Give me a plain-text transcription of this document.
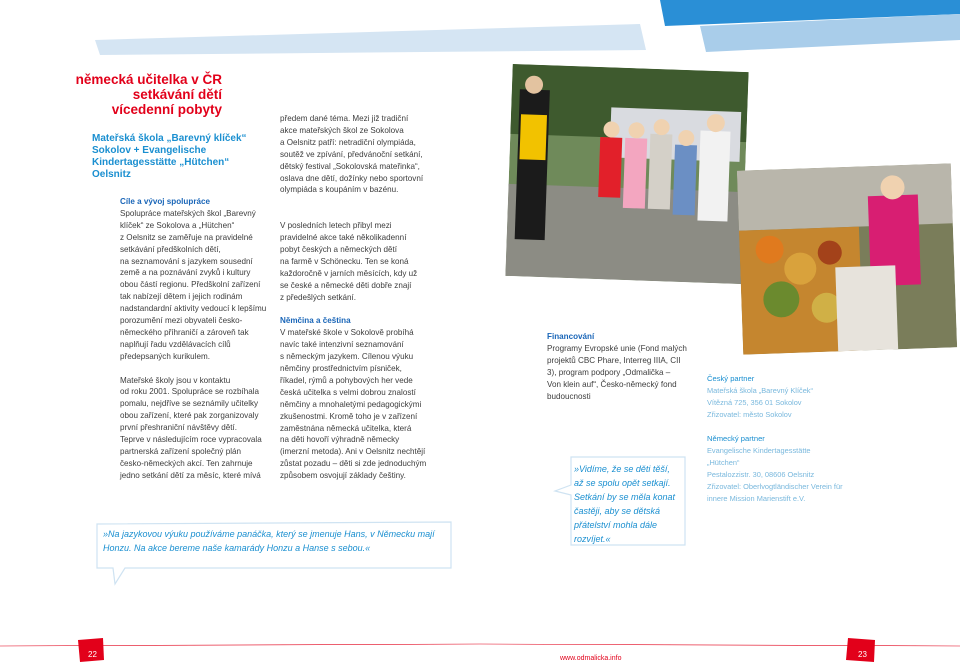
německá učitelka v ČR
setkávání dětí
vícedenní pobyty
Mateřská škola „Barevný klíček“
Sokolov + Evangelische
Kindertagesstätte „Hütchen“
Oelsnitz
Cíle a vývoj spolupráce
Spolupráce mateřských škol „Barevný
klíček“ ze Sokolova a „Hütchen“
z Oelsnitz se zaměřuje na pravidelné
setkávání předškolních dětí,
na seznamování s jazykem sousední
země a na poznávání zvyků i kultury
obou částí regionu. Předškolní zařízení
tak nabízejí dětem i jejich rodinám
nadstandardní aktivity vedoucí k lepšímu
porozumění mezi obyvateli česko-
německého příhraničí a zároveň tak
naplňují řadu vzdělávacích cílů
předepsaných kurikulem.
Mateřské školy jsou v kontaktu
od roku 2001. Spolupráce se rozbíhala
pomalu, nejdříve se seznámily učitelky
obou zařízení, které pak zorganizovaly
první přeshraniční návštěvy dětí.
Teprve v následujícím roce vypracovala
partnerská zařízení společný plán
česko-německých akcí. Ten zahrnuje
jedno setkání dětí za měsíc, které mívá
předem dané téma. Mezi již tradiční
akce mateřských škol ze Sokolova
a Oelsnitz patří: netradiční olympiáda,
soutěž ve zpívání, předvánoční setkání,
dětský festival „Sokolovská mateřinka“,
oslava dne dětí, dožínky nebo sportovní
olympiáda s koupáním v bazénu.
V posledních letech přibyl mezi
pravidelné akce také několikadenní
pobyt českých a německých dětí
na farmě v Schönecku. Ten se koná
každoročně v jarních měsících, kdy už
se české a německé děti dobře znají
z předešlých setkání.
Němčina a čeština
V mateřské škole v Sokolově probíhá
navíc také intenzivní seznamování
s německým jazykem. Cílenou výuku
němčiny prostřednictvím písniček,
říkadel, rýmů a pohybových her vede
česká učitelka s velmi dobrou znalostí
němčiny a mnohaletými pedagogickými
zkušenostmi. Kromě toho je v zařízení
zaměstnána německá učitelka, která
na děti hovoří výhradně německy
(imerzní metoda). Ani v Oelsnitz nechtějí
zůstat pozadu – děti si zde jednoduchým
způsobem osvojují základy češtiny.
»Na jazykovou výuku používáme panáčka, který se jmenuje Hans, v Německu mají
Honzu. Na akce bereme naše kamarády Honzu a Hanse s sebou.«
Financování
Programy Evropské unie (Fond malých
projektů CBC Phare, Interreg IIIA, CII
3), program podpory „Odmalička –
Von klein auf“, Česko-německý fond
budoucnosti
»Vidíme, že se děti těší,
až se spolu opět setkají.
Setkání by se měla konat
častěji, aby se dětská
přátelství mohla dále
rozvíjet.«
Český partner
Mateřská škola „Barevný Klíček“
Vítězná 725, 356 01 Sokolov
Zřizovatel: město Sokolov
Německý partner
Evangelische Kindertagesstätte
„Hütchen“
Pestalozzistr. 30, 08606 Oelsnitz
Zřizovatel: Oberlvogtländischer Verein für
innere Mission Marienstift e.V.
22	23
www.odmalicka.info
